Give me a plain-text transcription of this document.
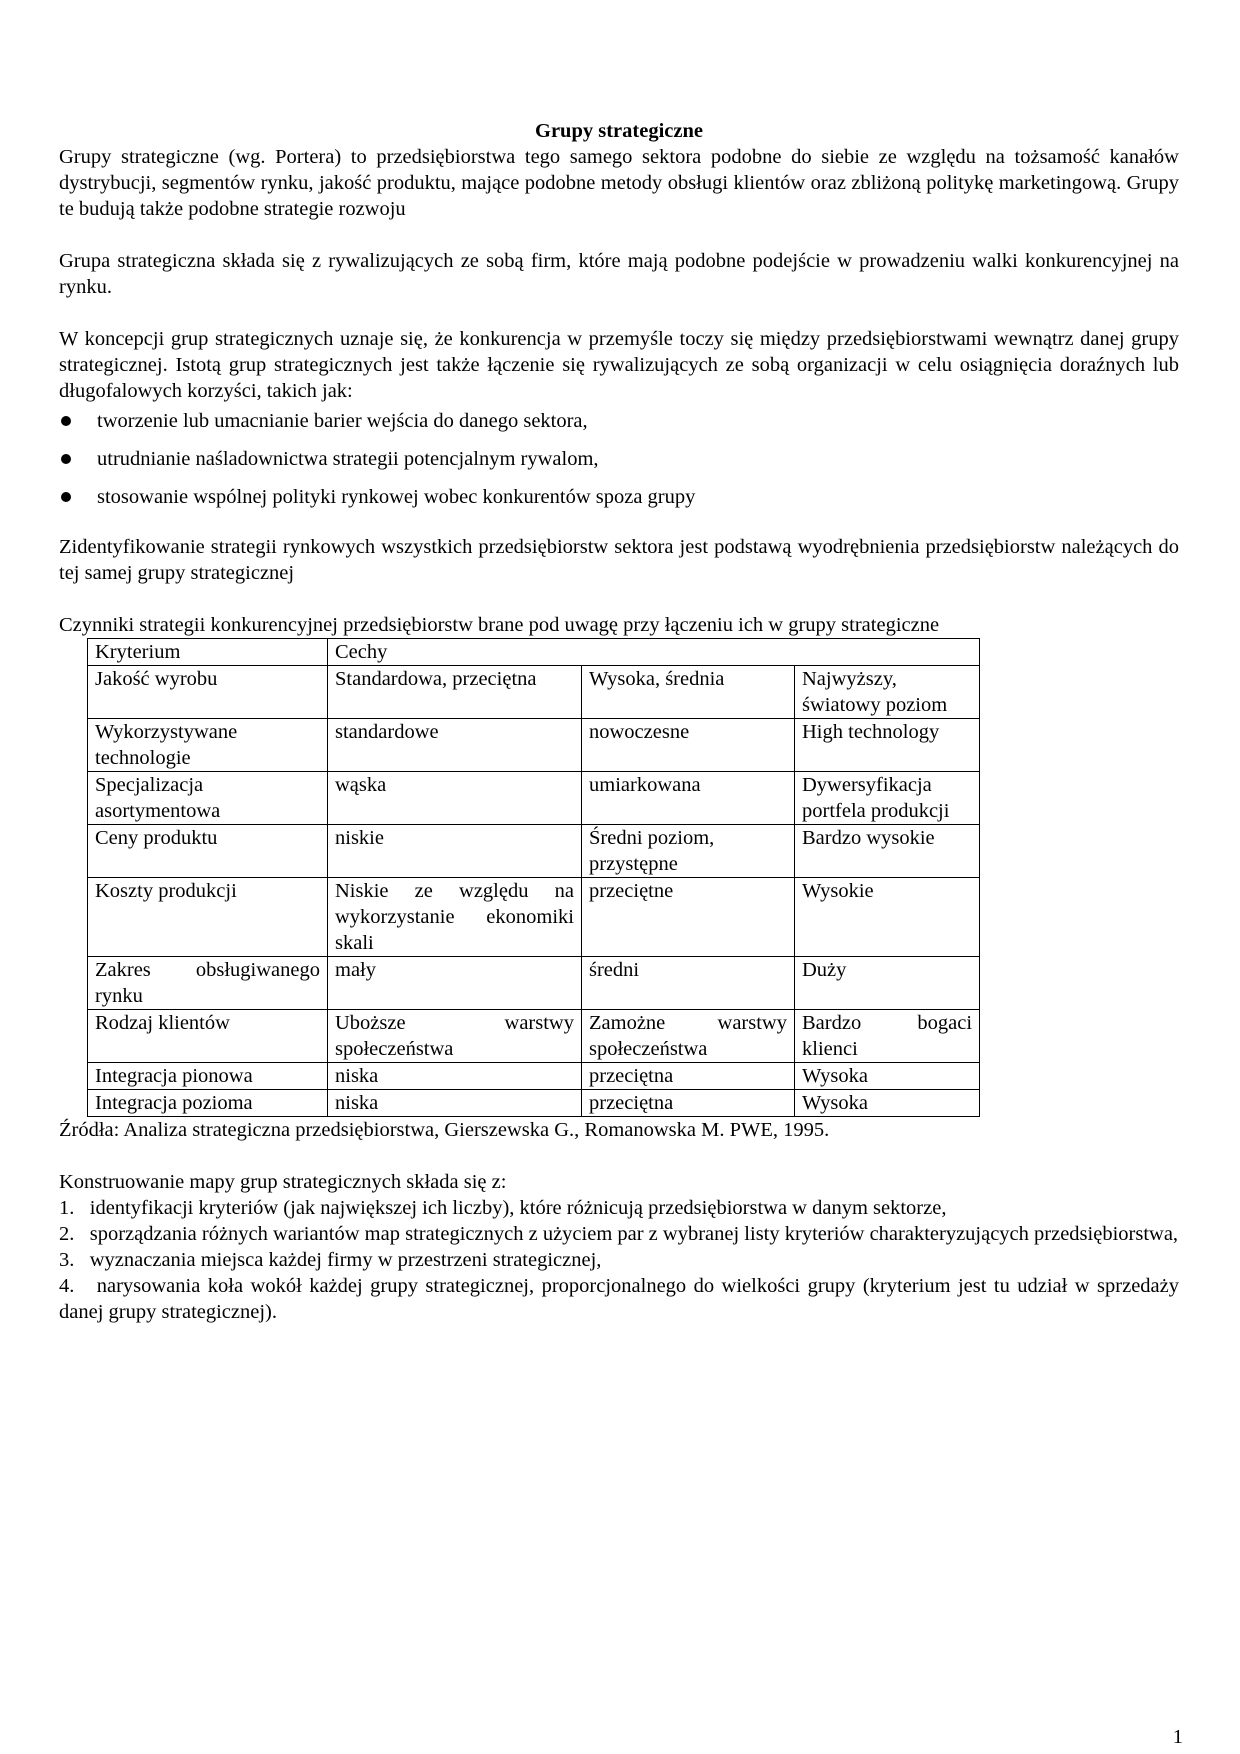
Grupy strategiczne

Grupy strategiczne (wg. Portera) to przedsiębiorstwa tego samego sektora podobne do siebie ze względu na tożsamość kanałów dystrybucji, segmentów rynku, jakość produktu, mające podobne metody obsługi klientów oraz zbliżoną politykę marketingową. Grupy te budują także podobne strategie rozwoju

Grupa strategiczna składa się z rywalizujących ze sobą firm, które mają podobne podejście w prowadzeniu walki konkurencyjnej na rynku.

W koncepcji grup strategicznych uznaje się, że konkurencja w przemyśle toczy się między przedsiębiorstwami wewnątrz danej grupy strategicznej. Istotą grup strategicznych jest także łączenie się rywalizujących ze sobą organizacji w celu osiągnięcia doraźnych lub długofalowych korzyści, takich jak:

tworzenie lub umacnianie barier wejścia do danego sektora,
utrudnianie naśladownictwa strategii potencjalnym rywalom,
stosowanie wspólnej polityki rynkowej wobec konkurentów spoza grupy

Zidentyfikowanie strategii rynkowych wszystkich przedsiębiorstw sektora jest podstawą wyodrębnienia przedsiębiorstw należących do tej samej grupy strategicznej

Czynniki strategii konkurencyjnej przedsiębiorstw brane pod uwagę przy łączeniu ich w grupy strategiczne

Kryterium	Cechy		
Jakość wyrobu	Standardowa, przeciętna	Wysoka, średnia	Najwyższy, światowy poziom
Wykorzystywane technologie	standardowe	nowoczesne	High technology
Specjalizacja asortymentowa	wąska	umiarkowana	Dywersyfikacja portfela produkcji
Ceny produktu	niskie	Średni poziom, przystępne	Bardzo wysokie
Koszty produkcji	Niskie ze względu na wykorzystanie ekonomiki skali	przeciętne	Wysokie
Zakres obsługiwanego rynku	mały	średni	Duży
Rodzaj klientów	Uboższe warstwy społeczeństwa	Zamożne warstwy społeczeństwa	Bardzo bogaci klienci
Integracja pionowa	niska	przeciętna	Wysoka
Integracja pozioma	niska	przeciętna	Wysoka

Źródła: Analiza strategiczna przedsiębiorstwa, Gierszewska G., Romanowska M. PWE, 1995.

Konstruowanie mapy grup strategicznych składa się z:

1. identyfikacji kryteriów (jak największej ich liczby), które różnicują przedsiębiorstwa w danym sektorze,
2. sporządzania różnych wariantów map strategicznych z użyciem par z wybranej listy kryteriów charakteryzujących przedsiębiorstwa,
3. wyznaczania miejsca każdej firmy w przestrzeni strategicznej,
4. narysowania koła wokół każdej grupy strategicznej, proporcjonalnego do wielkości grupy (kryterium jest tu udział w sprzedaży danej grupy strategicznej).
1
